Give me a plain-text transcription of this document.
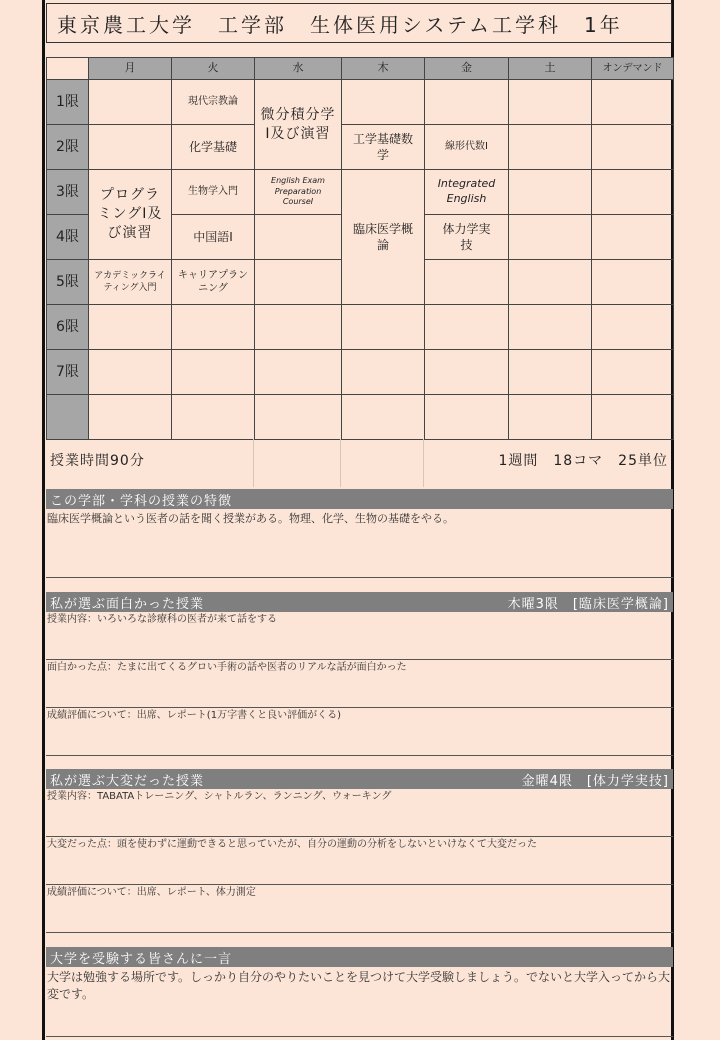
東京農工大学　工学部　生体医用システム工学科　1年
	月	火	水	木	金	土	オンデマンド
1限		現代宗教論	微分積分学Ⅰ及び演習				
2限		化学基礎		工学基礎数学	線形代数Ⅰ		
3限	プログラミングⅠ及び演習	生物学入門	English Exam Preparation CourseⅠ	臨床医学概論	Integrated English		
4限		中国語Ⅰ			体力学実技		
5限	アカデミックライティング入門	キャリアプランニング					
6限							
7限							

授業時間90分	1週間　18コマ　25単位
この学部・学科の授業の特徴
臨床医学概論という医者の話を聞く授業がある。物理、化学、生物の基礎をやる。
私が選ぶ面白かった授業	木曜3限　[臨床医学概論]
授業内容：いろいろな診療科の医者が来て話をする
面白かった点：たまに出てくるグロい手術の話や医者のリアルな話が面白かった
成績評価について：出席、レポート(1万字書くと良い評価がくる)
私が選ぶ大変だった授業	金曜4限　[体力学実技]
授業内容：TABATAトレーニング、シャトルラン、ランニング、ウォーキング
大変だった点：頭を使わずに運動できると思っていたが、自分の運動の分析をしないといけなくて大変だった
成績評価について：出席、レポート、体力測定
大学を受験する皆さんに一言
大学は勉強する場所です。しっかり自分のやりたいことを見つけて大学受験しましょう。でないと大学入ってから大変です。
